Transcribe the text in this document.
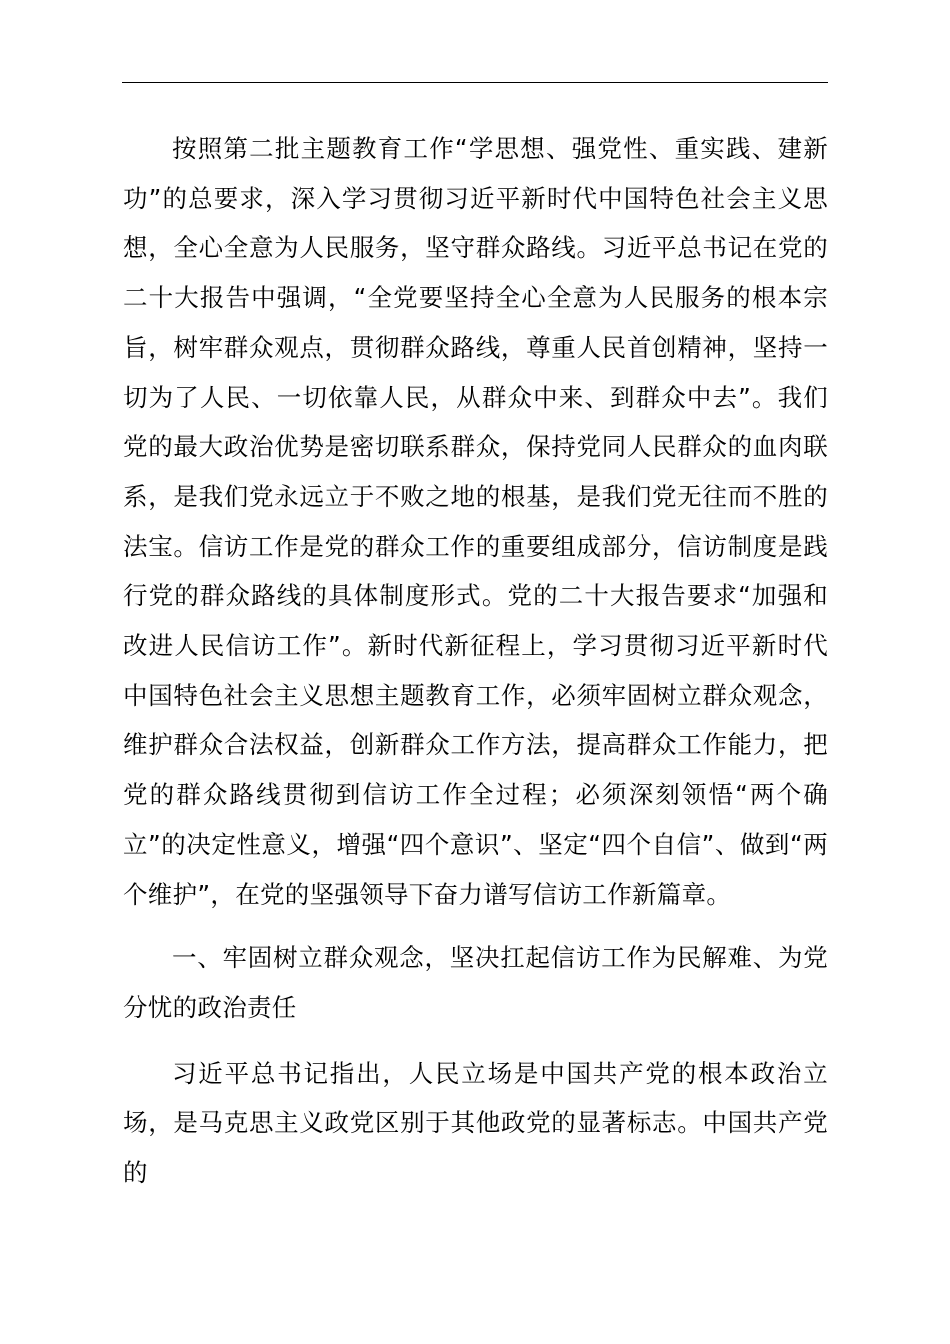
按照第二批主题教育工作“学思想、强党性、重实践、建新功”的总要求，深入学习贯彻习近平新时代中国特色社会主义思想，全心全意为人民服务，坚守群众路线。习近平总书记在党的二十大报告中强调，“全党要坚持全心全意为人民服务的根本宗旨，树牢群众观点，贯彻群众路线，尊重人民首创精神，坚持一切为了人民、一切依靠人民，从群众中来、到群众中去”。我们党的最大政治优势是密切联系群众，保持党同人民群众的血肉联系，是我们党永远立于不败之地的根基，是我们党无往而不胜的法宝。信访工作是党的群众工作的重要组成部分，信访制度是践行党的群众路线的具体制度形式。党的二十大报告要求“加强和改进人民信访工作”。新时代新征程上，学习贯彻习近平新时代中国特色社会主义思想主题教育工作，必须牢固树立群众观念，维护群众合法权益，创新群众工作方法，提高群众工作能力，把党的群众路线贯彻到信访工作全过程；必须深刻领悟“两个确立”的决定性意义，增强“四个意识”、坚定“四个自信”、做到“两个维护”，在党的坚强领导下奋力谱写信访工作新篇章。

一、牢固树立群众观念，坚决扛起信访工作为民解难、为党分忧的政治责任

习近平总书记指出，人民立场是中国共产党的根本政治立场，是马克思主义政党区别于其他政党的显著标志。中国共产党的
